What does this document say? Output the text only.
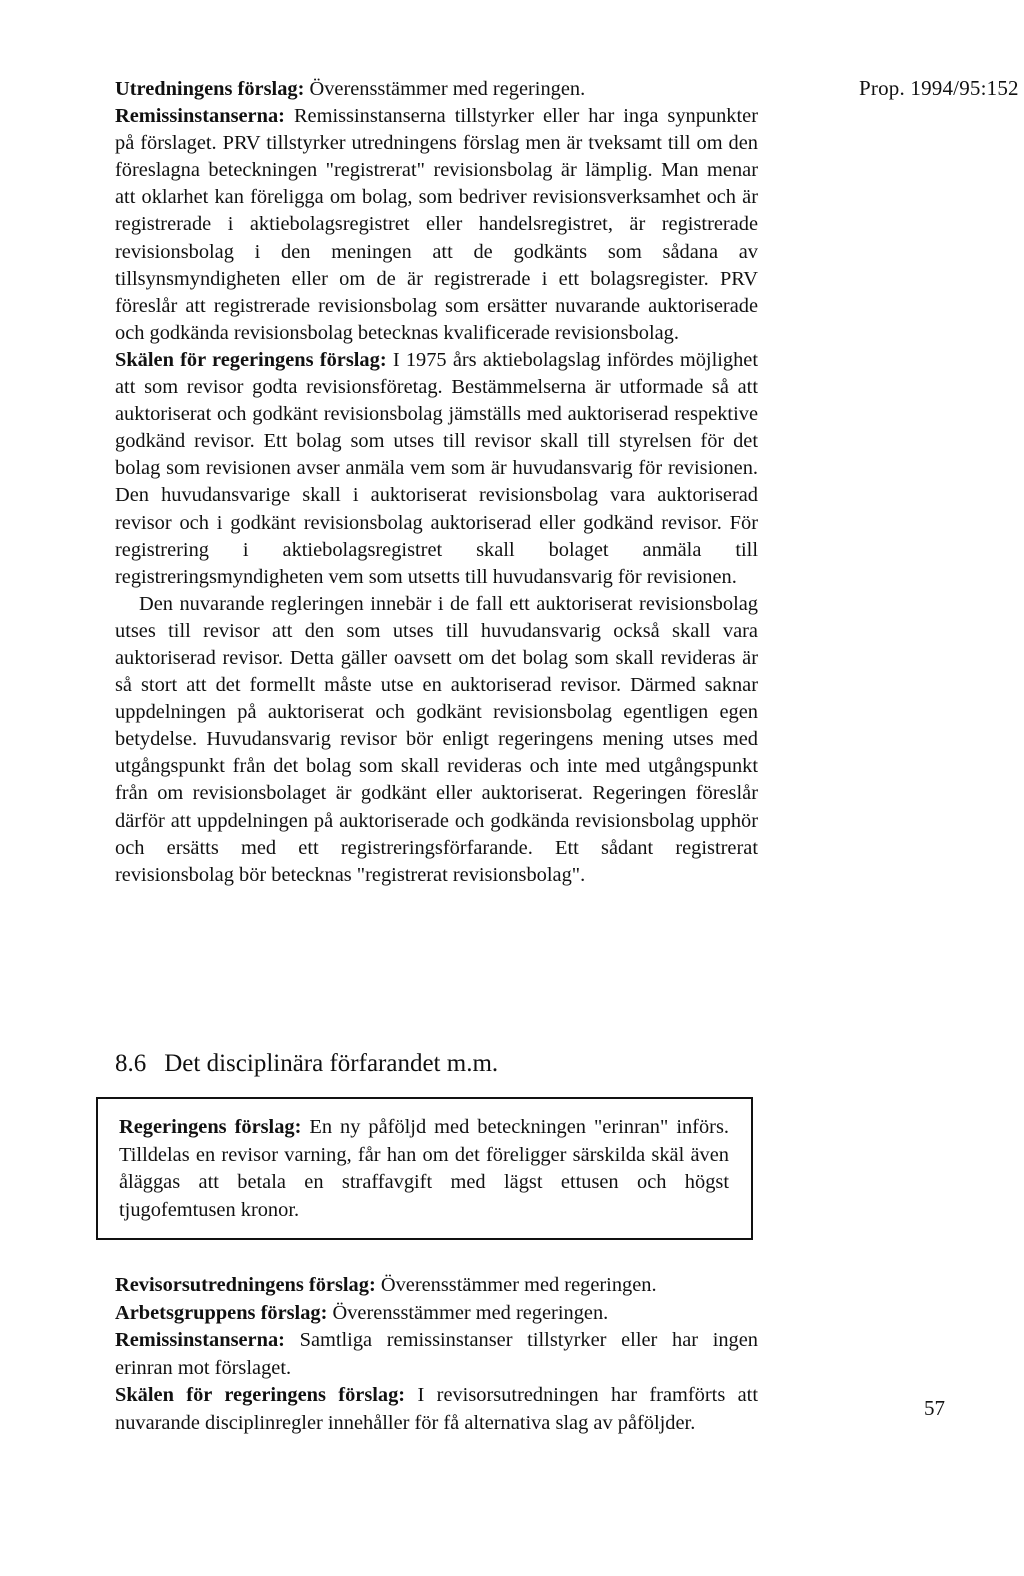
Prop. 1994/95:152

Utredningens förslag: Överensstämmer med regeringen.

Remissinstanserna: Remissinstanserna tillstyrker eller har inga synpunkter på förslaget. PRV tillstyrker utredningens förslag men är tveksamt till om den föreslagna beteckningen "registrerat" revisionsbolag är lämplig. Man menar att oklarhet kan föreligga om bolag, som bedriver revisionsverksamhet och är registrerade i aktiebolagsregistret eller handelsregistret, är registrerade revisionsbolag i den meningen att de godkänts som sådana av tillsynsmyndigheten eller om de är registrerade i ett bolagsregister. PRV föreslår att registrerade revisionsbolag som ersätter nuvarande auktoriserade och godkända revisionsbolag betecknas kvalificerade revisionsbolag.

Skälen för regeringens förslag: I 1975 års aktiebolagslag infördes möjlighet att som revisor godta revisionsföretag. Bestämmelserna är utformade så att auktoriserat och godkänt revisionsbolag jämställs med auktoriserad respektive godkänd revisor. Ett bolag som utses till revisor skall till styrelsen för det bolag som revisionen avser anmäla vem som är huvudansvarig för revisionen. Den huvudansvarige skall i auktoriserat revisionsbolag vara auktoriserad revisor och i godkänt revisionsbolag auktoriserad eller godkänd revisor. För registrering i aktiebolagsregistret skall bolaget anmäla till registreringsmyndigheten vem som utsetts till huvudansvarig för revisionen.

Den nuvarande regleringen innebär i de fall ett auktoriserat revisionsbolag utses till revisor att den som utses till huvudansvarig också skall vara auktoriserad revisor. Detta gäller oavsett om det bolag som skall revideras är så stort att det formellt måste utse en auktoriserad revisor. Därmed saknar uppdelningen på auktoriserat och godkänt revisionsbolag egentligen egen betydelse. Huvudansvarig revisor bör enligt regeringens mening utses med utgångspunkt från det bolag som skall revideras och inte med utgångspunkt från om revisionsbolaget är godkänt eller auktoriserat. Regeringen föreslår därför att uppdelningen på auktoriserade och godkända revisionsbolag upphör och ersätts med ett registreringsförfarande. Ett sådant registrerat revisionsbolag bör betecknas "registrerat revisionsbolag".

8.6 Det disciplinära förfarandet m.m.

Regeringens förslag: En ny påföljd med beteckningen "erinran" införs. Tilldelas en revisor varning, får han om det föreligger särskilda skäl även åläggas att betala en straffavgift med lägst ettusen och högst tjugofemtusen kronor.

Revisorsutredningens förslag: Överensstämmer med regeringen.

Arbetsgruppens förslag: Överensstämmer med regeringen.

Remissinstanserna: Samtliga remissinstanser tillstyrker eller har ingen erinran mot förslaget.

Skälen för regeringens förslag: I revisorsutredningen har framförts att nuvarande disciplinregler innehåller för få alternativa slag av påföljder.

57
